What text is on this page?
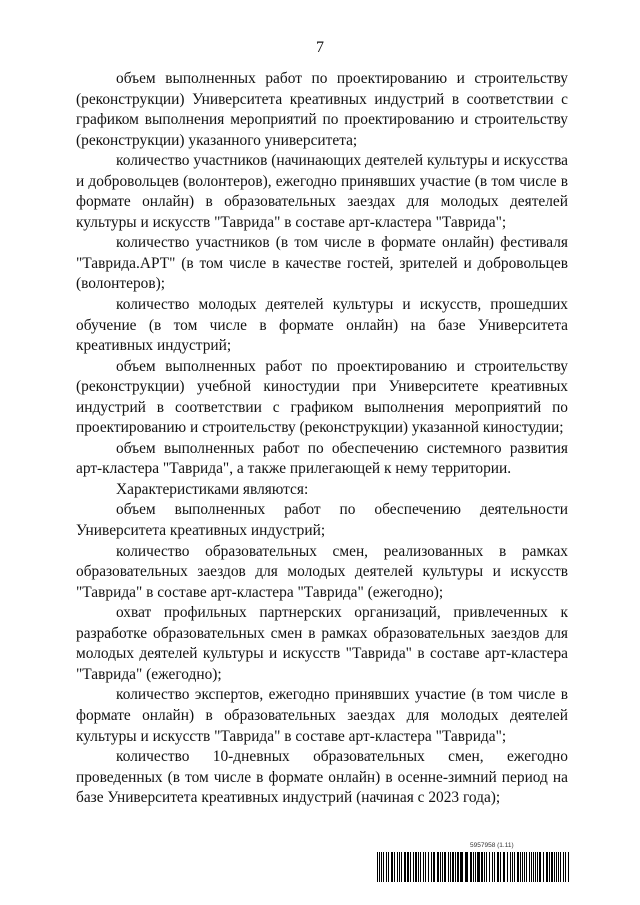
7

объем выполненных работ по проектированию и строительству (реконструкции) Университета креативных индустрий в соответствии с графиком выполнения мероприятий по проектированию и строительству (реконструкции) указанного университета;

количество участников (начинающих деятелей культуры и искусства и добровольцев (волонтеров), ежегодно принявших участие (в том числе в формате онлайн) в образовательных заездах для молодых деятелей культуры и искусств "Таврида" в составе арт-кластера "Таврида";

количество участников (в том числе в формате онлайн) фестиваля "Таврида.АРТ" (в том числе в качестве гостей, зрителей и добровольцев (волонтеров);

количество молодых деятелей культуры и искусств, прошедших обучение (в том числе в формате онлайн) на базе Университета креативных индустрий;

объем выполненных работ по проектированию и строительству (реконструкции) учебной киностудии при Университете креативных индустрий в соответствии с графиком выполнения мероприятий по проектированию и строительству (реконструкции) указанной киностудии;

объем выполненных работ по обеспечению системного развития арт-кластера "Таврида", а также прилегающей к нему территории.

Характеристиками являются:

объем выполненных работ по обеспечению деятельности Университета креативных индустрий;

количество образовательных смен, реализованных в рамках образовательных заездов для молодых деятелей культуры и искусств "Таврида" в составе арт-кластера "Таврида" (ежегодно);

охват профильных партнерских организаций, привлеченных к разработке образовательных смен в рамках образовательных заездов для молодых деятелей культуры и искусств "Таврида" в составе арт-кластера "Таврида" (ежегодно);

количество экспертов, ежегодно принявших участие (в том числе в формате онлайн) в образовательных заездах для молодых деятелей культуры и искусств "Таврида" в составе арт-кластера "Таврида";

количество 10-дневных образовательных смен, ежегодно проведенных (в том числе в формате онлайн) в осенне-зимний период на базе Университета креативных индустрий (начиная с 2023 года);

5957958 (1.11)
